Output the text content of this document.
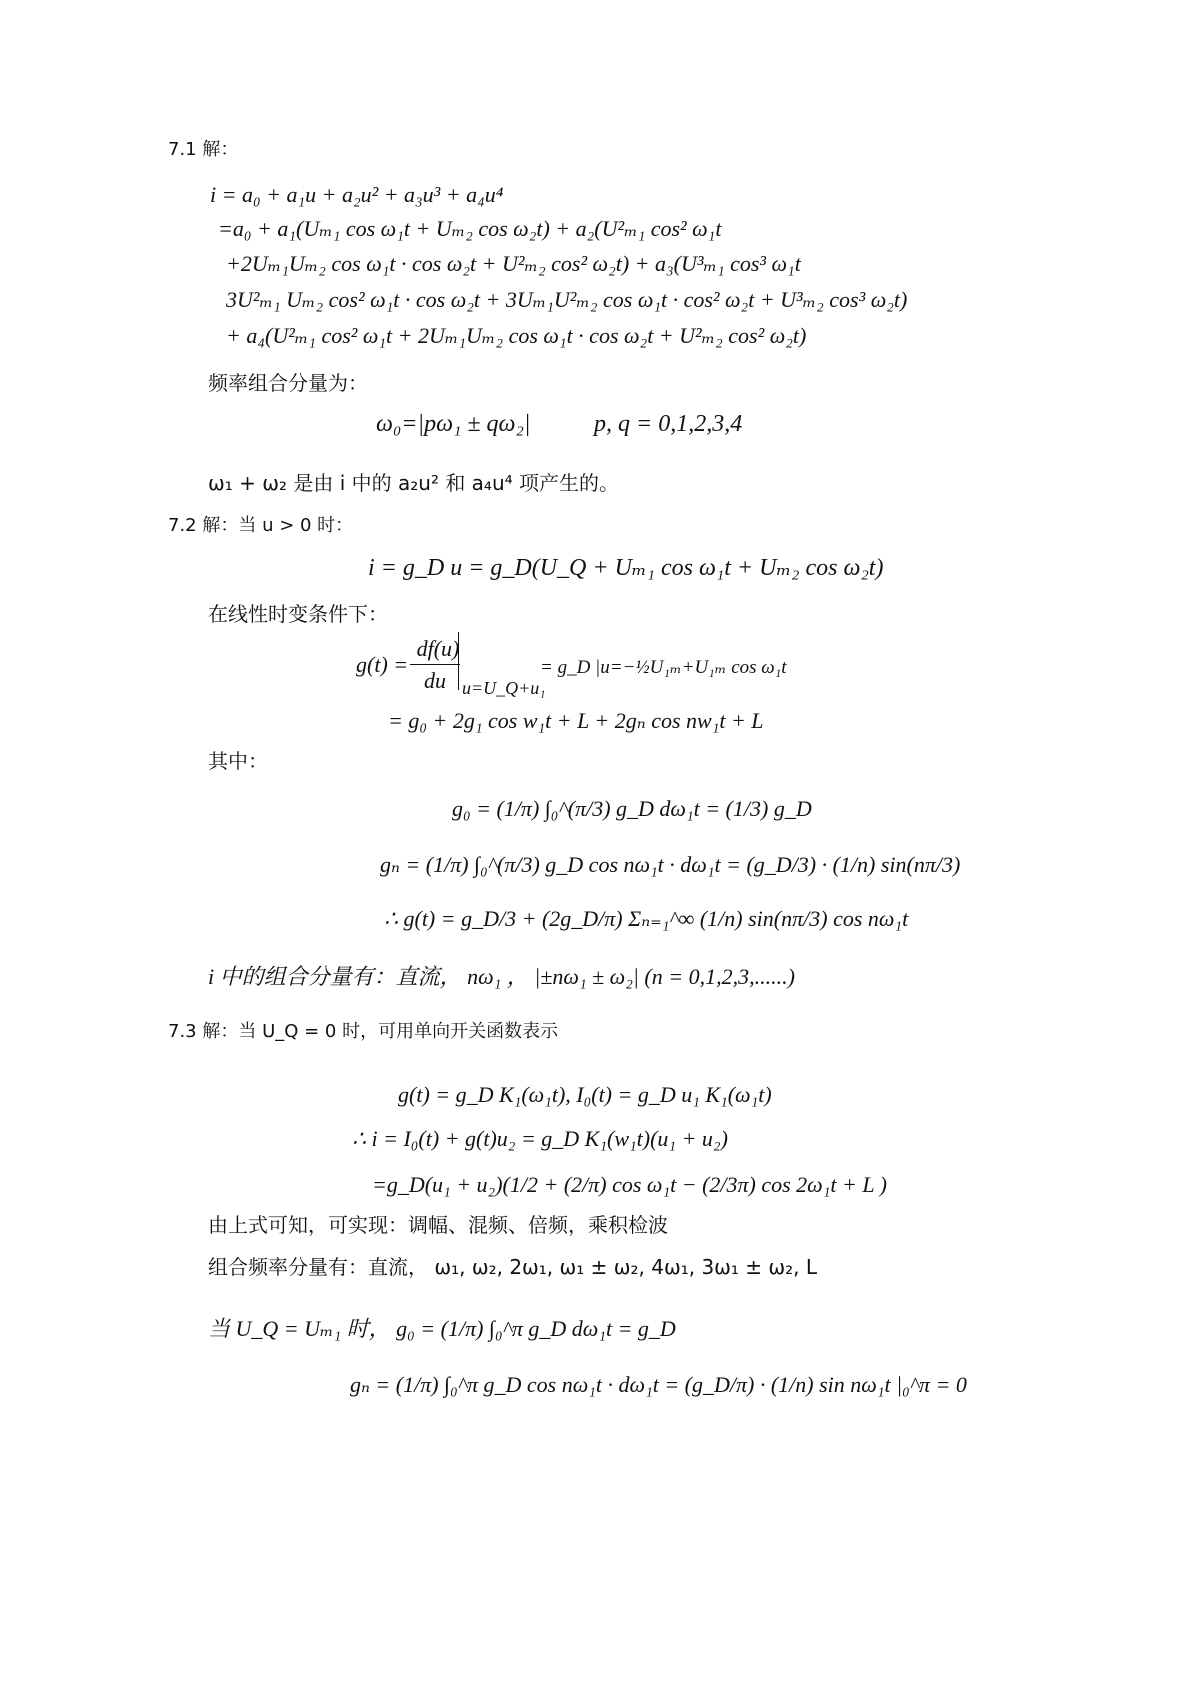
7.1 解：
i = a₀ + a₁u + a₂u² + a₃u³ + a₄u⁴
=a₀ + a₁(Uₘ₁ cos ω₁t + Uₘ₂ cos ω₂t) + a₂(U²ₘ₁ cos² ω₁t
+2Uₘ₁Uₘ₂ cos ω₁t · cos ω₂t + U²ₘ₂ cos² ω₂t) + a₃(U³ₘ₁ cos³ ω₁t
3U²ₘ₁ Uₘ₂ cos² ω₁t · cos ω₂t + 3Uₘ₁U²ₘ₂ cos ω₁t · cos² ω₂t + U³ₘ₂ cos³ ω₂t)
+ a₄(U²ₘ₁ cos² ω₁t + 2Uₘ₁Uₘ₂ cos ω₁t · cos ω₂t + U²ₘ₂ cos² ω₂t)
频率组合分量为：
ω₀=|pω₁ ± qω₂|	p, q = 0,1,2,3,4
ω₁ + ω₂ 是由 i 中的 a₂u² 和 a₄u⁴ 项产生的。
7.2 解：当 u > 0 时：
i = g_D u = g_D(U_Q + Uₘ₁ cos ω₁t + Uₘ₂ cos ω₂t)
在线性时变条件下：
g(t) =
df(u)
du u=U_Q+u₁
= g_D |u=−½U₁ₘ+U₁ₘ cos ω₁t
= g₀ + 2g₁ cos w₁t + L + 2gₙ cos nw₁t + L
其中：
g₀ = (1/π) ∫₀^(π/3) g_D dω₁t = (1/3) g_D
gₙ = (1/π) ∫₀^(π/3) g_D cos nω₁t · dω₁t = (g_D/3) · (1/n) sin(nπ/3)
∴ g(t) = g_D/3 + (2g_D/π) Σₙ₌₁^∞ (1/n) sin(nπ/3) cos nω₁t
i 中的组合分量有：直流， nω₁ ， |±nω₁ ± ω₂| (n = 0,1,2,3,......)
7.3 解：当 U_Q = 0 时，可用单向开关函数表示
g(t) = g_D K₁(ω₁t), I₀(t) = g_D u₁ K₁(ω₁t)
∴ i = I₀(t) + g(t)u₂ = g_D K₁(w₁t)(u₁ + u₂)
=g_D(u₁ + u₂)(1/2 + (2/π) cos ω₁t − (2/3π) cos 2ω₁t + L )
由上式可知，可实现：调幅、混频、倍频，乘积检波
组合频率分量有：直流， ω₁, ω₂, 2ω₁, ω₁ ± ω₂, 4ω₁, 3ω₁ ± ω₂, L
当 U_Q = Uₘ₁ 时， g₀ = (1/π) ∫₀^π g_D dω₁t = g_D
gₙ = (1/π) ∫₀^π g_D cos nω₁t · dω₁t = (g_D/π) · (1/n) sin nω₁t |₀^π = 0
